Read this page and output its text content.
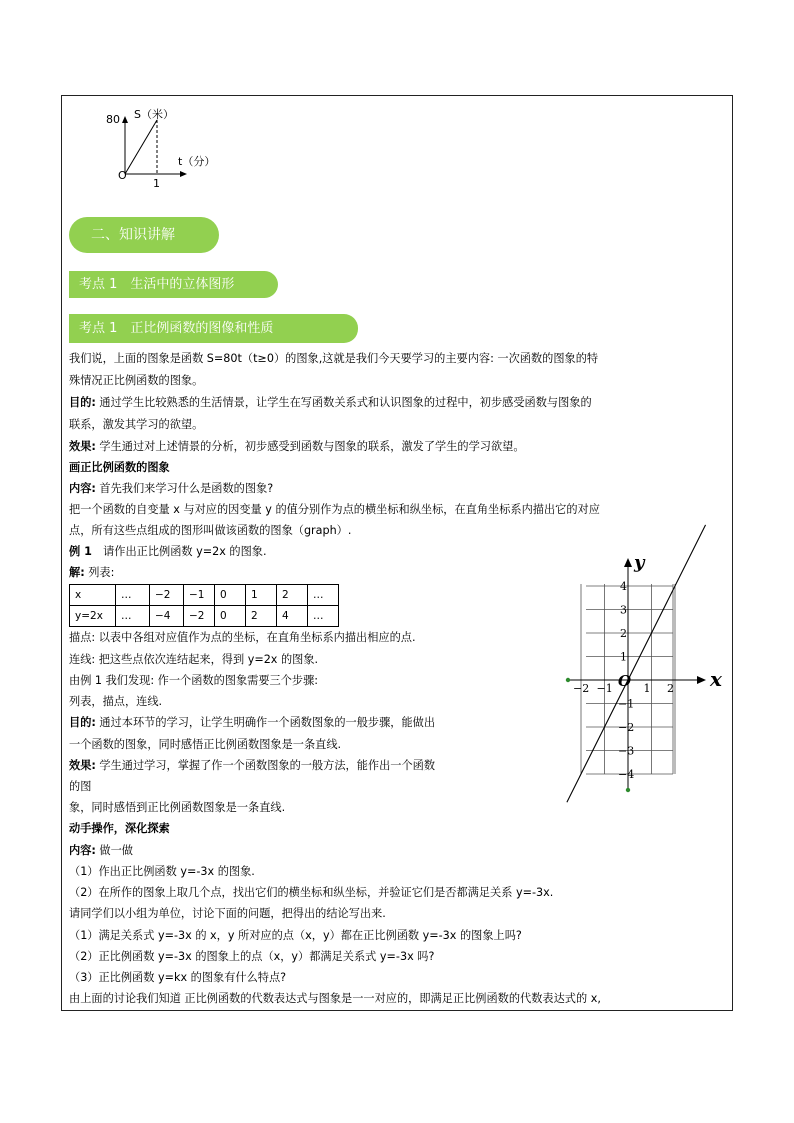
80 S（米）
t（分）
O
1
二、知识讲解
考点 1　生活中的立体图形
考点 1　正比例函数的图像和性质
我们说，上面的图象是函数 S=80t（t≥0）的图象,这就是我们今天要学习的主要内容: 一次函数的图象的特
殊情况正比例函数的图象。
目的: 通过学生比较熟悉的生活情景，让学生在写函数关系式和认识图象的过程中，初步感受函数与图象的
联系，激发其学习的欲望。
效果: 学生通过对上述情景的分析，初步感受到函数与图象的联系，激发了学生的学习欲望。
画正比例函数的图象
内容: 首先我们来学习什么是函数的图象?
把一个函数的自变量 x 与对应的因变量 y 的值分别作为点的横坐标和纵坐标，在直角坐标系内描出它的对应
点，所有这些点组成的图形叫做该函数的图象（graph）.
例 1　请作出正比例函数 y=2x 的图象.
解: 列表:
x	…	−2	−1	0	1	2	…
y=2x	…	−4	−2	0	2	4	…
描点: 以表中各组对应值作为点的坐标，在直角坐标系内描出相应的点.
连线: 把这些点依次连结起来，得到 y=2x 的图象.
由例 1 我们发现: 作一个函数的图象需要三个步骤:
列表，描点，连线.
目的: 通过本环节的学习，让学生明确作一个函数图象的一般步骤，能做出
一个函数的图象，同时感悟正比例函数图象是一条直线.
效果: 学生通过学习，掌握了作一个函数图象的一般方法，能作出一个函数
的图
象，同时感悟到正比例函数图象是一条直线.
动手操作，深化探索
内容: 做一做
（1）作出正比例函数 y=-3x 的图象.
（2）在所作的图象上取几个点，找出它们的横坐标和纵坐标，并验证它们是否都满足关系 y=-3x.
请同学们以小组为单位，讨论下面的问题，把得出的结论写出来.
（1）满足关系式 y=-3x 的 x，y 所对应的点（x，y）都在正比例函数 y=-3x 的图象上吗?
（2）正比例函数 y=-3x 的图象上的点（x，y）都满足关系式 y=-3x 吗?
（3）正比例函数 y=kx 的图象有什么特点?
由上面的讨论我们知道 正比例函数的代数表达式与图象是一一对应的，即满足正比例函数的代数表达式的 x,
x
y
O
−2 −1	1 2
4
3
2
1
−1
−2
−3
−4
